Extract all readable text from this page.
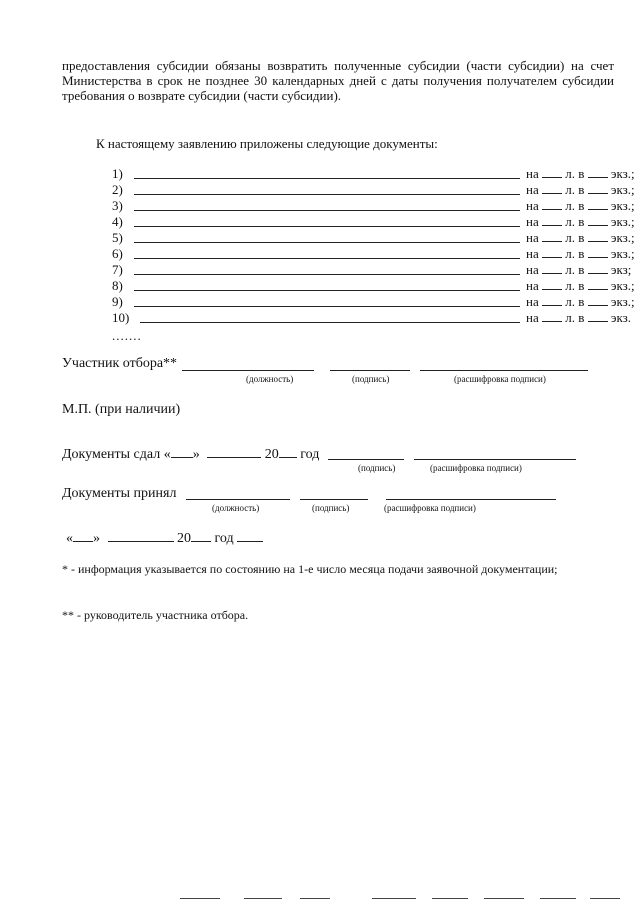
предоставления субсидии обязаны возвратить полученные субсидии (части субсидии) на счет
Министерства в срок не позднее 30 календарных дней с даты получения получателем субсидии
требования о возврате субсидии (части субсидии).
К настоящему заявлению приложены следующие документы:
1)	на л. в экз.;
2)	на л. в экз.;
3)	на л. в экз.;
4)	на л. в экз.;
5)	на л. в экз.;
6)	на л. в экз.;
7)	на л. в экз;
8)	на л. в экз.;
9)	на л. в экз.;
10)	на л. в экз.
.......
Участник отбора**
(должность)	(подпись)	(расшифровка подписи)
М.П. (при наличии)
Документы сдал « »	20 год
(подпись)	(расшифровка подписи)
Документы принял
(должность)	(подпись)	(расшифровка подписи)
« »	20 год
* - информация указывается по состоянию на 1-е число месяца подачи заявочной документации;
** - руководитель участника отбора.
